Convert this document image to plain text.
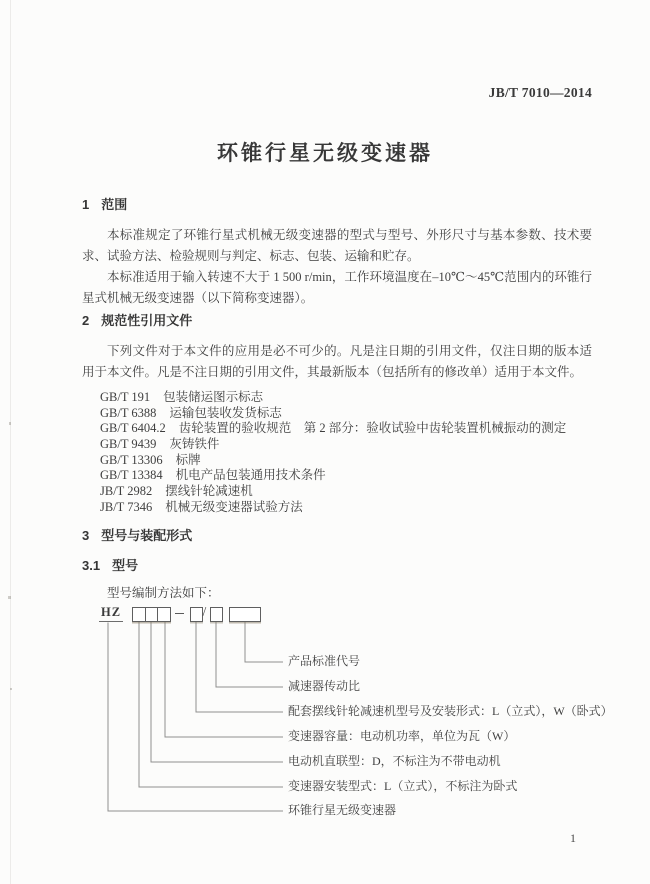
JB/T 7010—2014
环锥行星无级变速器
1 范围

本标准规定了环锥行星式机械无级变速器的型式与型号、外形尺寸与基本参数、技术要求、试验方法、检验规则与判定、标志、包装、运输和贮存。

本标准适用于输入转速不大于 1 500 r/min，工作环境温度在–10℃～45℃范围内的环锥行星式机械无级变速器（以下简称变速器）。

2 规范性引用文件

下列文件对于本文件的应用是必不可少的。凡是注日期的引用文件，仅注日期的版本适用于本文件。凡是不注日期的引用文件，其最新版本（包括所有的修改单）适用于本文件。

GB/T 191 包装储运图示标志
GB/T 6388 运输包装收发货标志
GB/T 6404.2 齿轮装置的验收规范　第 2 部分：验收试验中齿轮装置机械振动的测定
GB/T 9439 灰铸铁件
GB/T 13306 标牌
GB/T 13384 机电产品包装通用技术条件
JB/T 2982 摆线针轮减速机
JB/T 7346 机械无级变速器试验方法
3 型号与装配形式
3.1 型号

型号编制方法如下：

HZ	/
产品标准代号
减速器传动比
配套摆线针轮减速机型号及安装形式：L（立式），W（卧式）
变速器容量：电动机功率，单位为瓦（W）
电动机直联型：D，不标注为不带电动机
变速器安装型式：L（立式），不标注为卧式
环锥行星无级变速器
1
